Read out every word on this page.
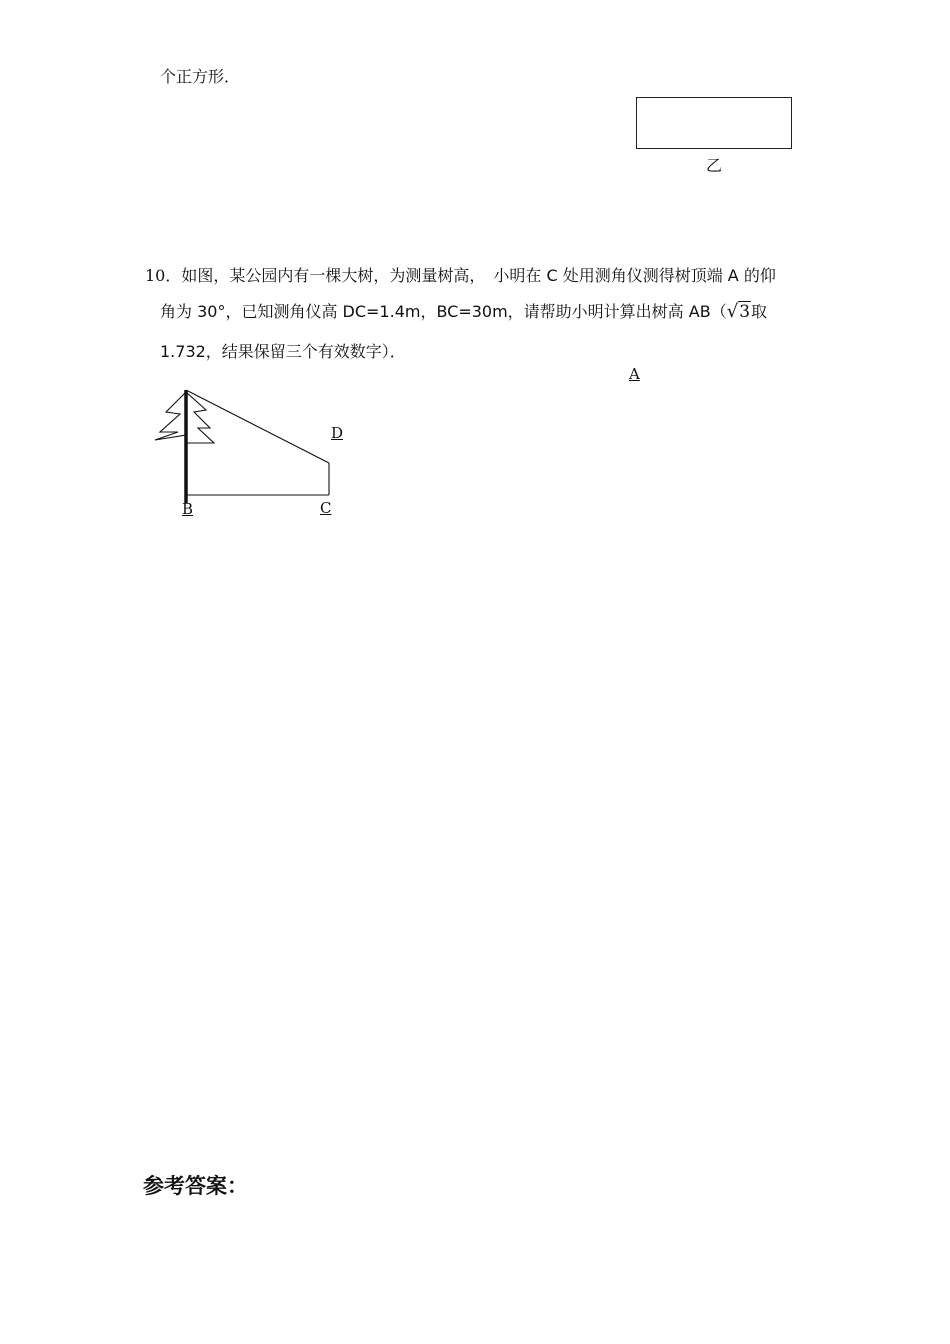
个正方形．
乙
10．如图，某公园内有一棵大树，为测量树高，　小明在 C 处用测角仪测得树顶端 A 的仰
角为 30°，已知测角仪高 DC=1.4m，BC=30m，请帮助小明计算出树高 AB（√3取
1.732，结果保留三个有效数字）．
A
D
B	C
参考答案：
